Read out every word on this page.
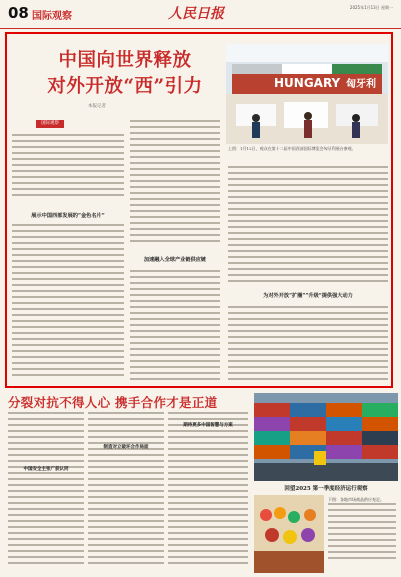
08 国际观察	人民日报	2025年1月13日 星期一
中国向世界释放
对外开放“西”引力
本报记者
国际观察
HUNGARY 匈牙利
上图：1月12日，观众在第十二届中国西部国际博览会匈牙利展台参观。
展示中国西部发展的“金色名片”
加速融入全球产业链供应链
为对外开放“扩圈”“升级”提供强大动力
分裂对抗不得人心 携手合作才是正道
中国安全主张广获认同
制造对立破坏合作局面
期待更多中国智慧与方案
回望2025 第一季度经济运行观察
下图：各地市场商品供应充足。
